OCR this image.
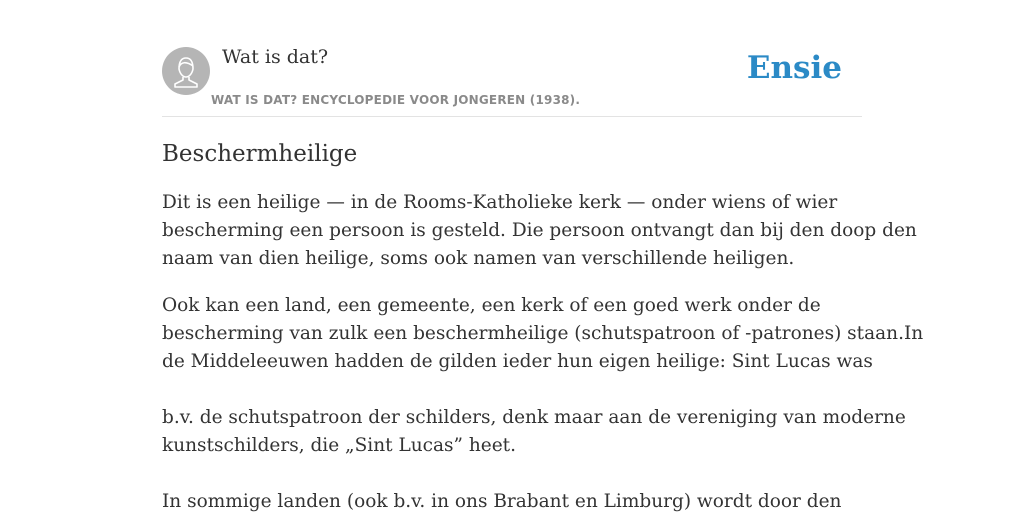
Wat is dat?
WAT IS DAT? ENCYCLOPEDIE VOOR JONGEREN (1938).
Ensie
Beschermheilige
Dit is een heilige — in de Rooms-Katholieke kerk — onder wiens of wier
bescherming een persoon is gesteld. Die persoon ontvangt dan bij den doop den
naam van dien heilige, soms ook namen van verschillende heiligen.
Ook kan een land, een gemeente, een kerk of een goed werk onder de
bescherming van zulk een beschermheilige (schutspatroon of -patrones) staan.In
de Middeleeuwen hadden de gilden ieder hun eigen heilige: Sint Lucas was
b.v. de schutspatroon der schilders, denk maar aan de vereniging van moderne
kunstschilders, die „Sint Lucas” heet.
In sommige landen (ook b.v. in ons Brabant en Limburg) wordt door den
